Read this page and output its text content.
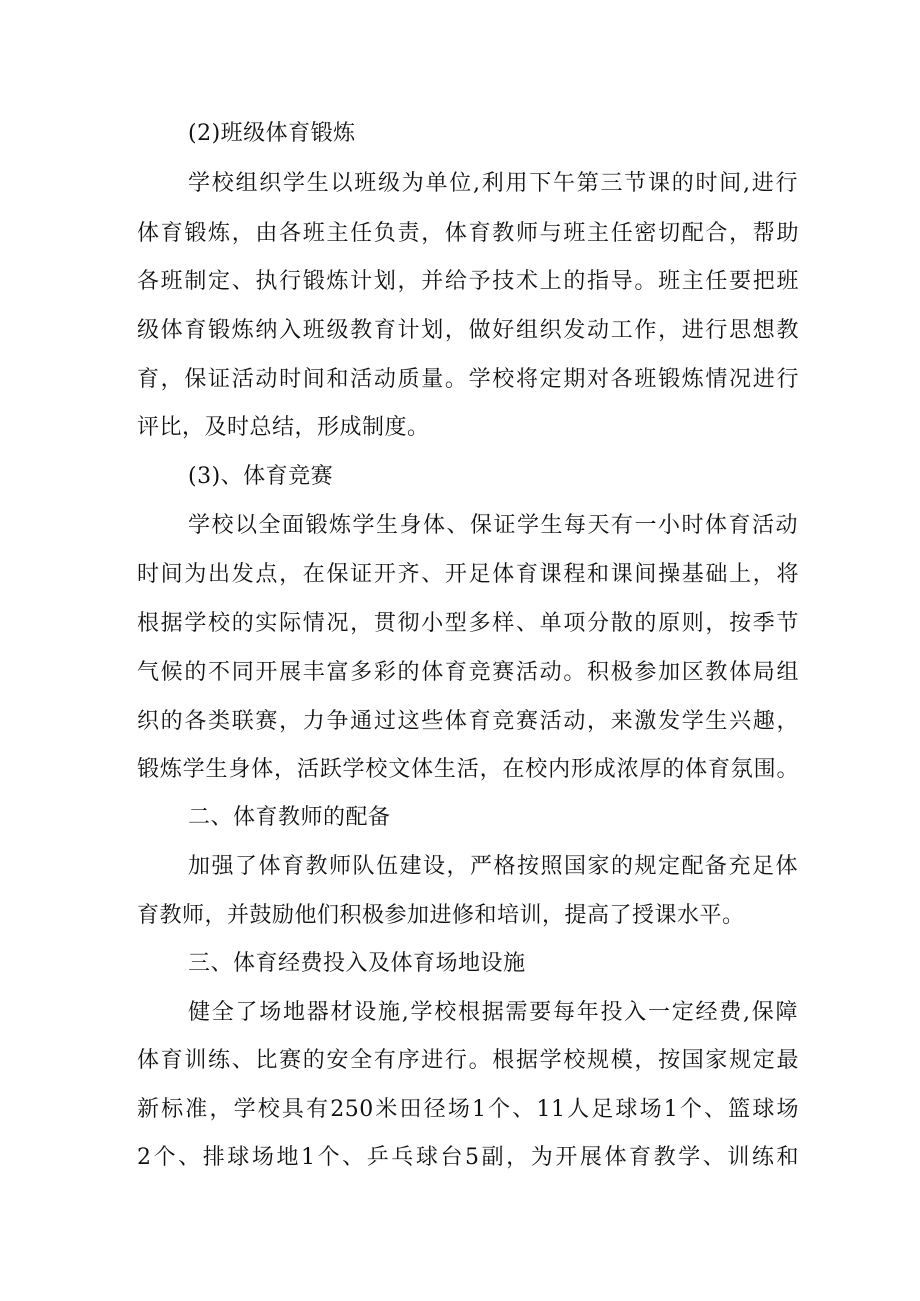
(2)班级体育锻炼
学校组织学生以班级为单位,利用下午第三节课的时间,进行
体育锻炼，由各班主任负责，体育教师与班主任密切配合，帮助
各班制定、执行锻炼计划，并给予技术上的指导。班主任要把班
级体育锻炼纳入班级教育计划，做好组织发动工作，进行思想教
育，保证活动时间和活动质量。学校将定期对各班锻炼情况进行
评比，及时总结，形成制度。
(3)、体育竞赛
学校以全面锻炼学生身体、保证学生每天有一小时体育活动
时间为出发点，在保证开齐、开足体育课程和课间操基础上，将
根据学校的实际情况，贯彻小型多样、单项分散的原则，按季节
气候的不同开展丰富多彩的体育竞赛活动。积极参加区教体局组
织的各类联赛，力争通过这些体育竞赛活动，来激发学生兴趣，
锻炼学生身体，活跃学校文体生活，在校内形成浓厚的体育氛围。
二、体育教师的配备
加强了体育教师队伍建设，严格按照国家的规定配备充足体
育教师，并鼓励他们积极参加进修和培训，提高了授课水平。
三、体育经费投入及体育场地设施
健全了场地器材设施,学校根据需要每年投入一定经费,保障
体育训练、比赛的安全有序进行。根据学校规模，按国家规定最
新标准，学校具有250米田径场1个、11人足球场1个、篮球场
2个、排球场地1个、乒乓球台5副，为开展体育教学、训练和
